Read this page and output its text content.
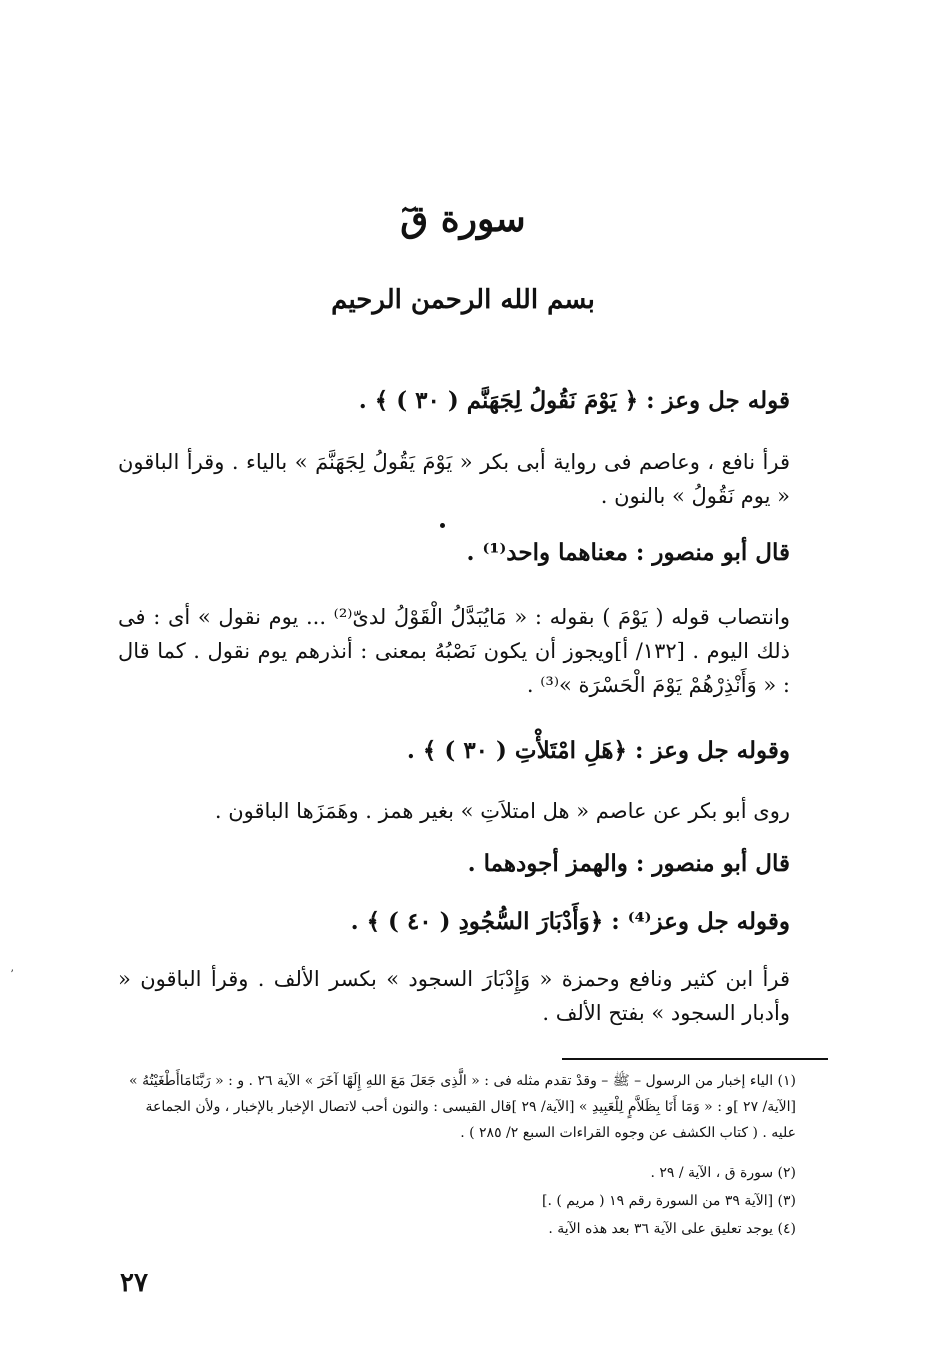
سورة قٓ
بسم الله الرحمن الرحيم
قوله جل وعز : ﴿ يَوْمَ نَقُولُ لِجَهَنَّم ( ٣٠ ) ﴾ .
قرأ نافع ، وعاصم فى رواية أبى بكر « يَوْمَ يَقُولُ لِجَهَنَّمَ » بالياء . وقرأ الباقون « يوم نَقُولُ » بالنون .
قال أبو منصور : معناهما واحد⁽¹⁾ .
وانتصاب قوله ( يَوْمَ ) بقوله : « مَايُبَدَّلُ الْقَوْلُ لدىّ⁽²⁾ ... يوم نقول » أى : فى ذلك اليوم . [١٣٢/ أ]ويجوز أن يكون نَصْبُهُ بمعنى : أنذرهم يوم نقول . كما قال : « وَأَنْذِرْهُمْ يَوْمَ الْحَسْرَة »⁽³⁾ .
وقوله جل وعز : ﴿هَلِ امْتَلأْتِ ( ٣٠ ) ﴾ .
روى أبو بكر عن عاصم « هل امتلاَتِ » بغير همز . وهَمَزَها الباقون .
قال أبو منصور : والهمز أجودهما .
وقوله جل وعز⁽⁴⁾ : ﴿وَأَدْبَارَ السُّجُودِ ( ٤٠ ) ﴾ .
قرأ ابن كثير ونافع وحمزة « وَإِدْبَارَ السجود » بكسر الألف . وقرأ الباقون « وأدبار السجود » بفتح الألف .
(١) الياء إخبار من الرسول – ﷺ – وقدْ تقدم مثله فى : « الَّذِى جَعَلَ مَعَ اللهِ إِلَهًا آخَرَ » الآية ٢٦ . و : « رَبَّنَامَاأَطْغَيْتُهُ » [الآية/ ٢٧ ]و : « وَمَا أَنَا بِظَلاَّمٍ لِلْعَبِيدِ » [الآية/ ٢٩ ]قال القيسى : والنون أحب لاتصال الإخبار بالإخبار ، ولأن الجماعة عليه . ( كتاب الكشف عن وجوه القراءات السبع ٢/ ٢٨٥ ) .
(٢) سورة ق ، الآية / ٢٩ .
(٣) [الآية ٣٩ من السورة رقم ١٩ ( مريم ) .]
(٤) يوجد تعليق على الآية ٣٦ بعد هذه الآية .
٢٧
ʼ
